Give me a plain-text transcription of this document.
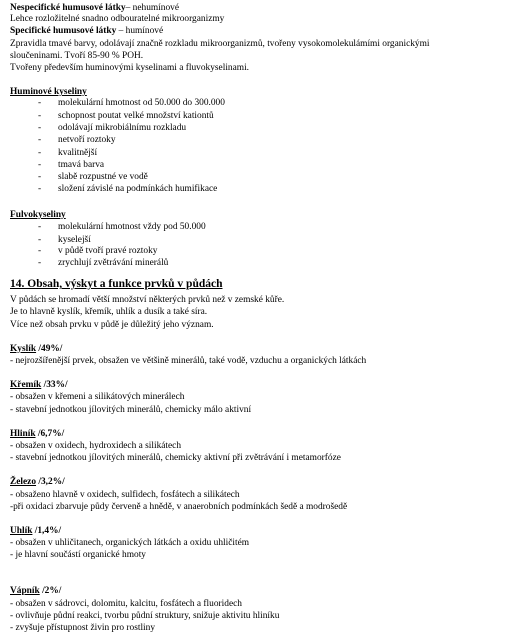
Nespecifické humusové látky– nehumínové
Lehce rozložitelné snadno odbouratelné mikroorganizmy
Specifické humusové látky – humínové
Zpravidla tmavé barvy, odolávají značně rozkladu mikroorganizmů, tvořeny vysokomolekulámími organickými
sloučeninami. Tvoří 85-90 % POH.
Tvořeny především huminovými kyselinami a fluvokyselinami.
Huminové kyseliny
- molekulární hmotnost od 50.000 do 300.000
- schopnost poutat velké množství kationtů
- odolávají mikrobiálnímu rozkladu
- netvoří roztoky
- kvalitnější
- tmavá barva
- slabě rozpustné ve vodě
- složení závislé na podmínkách humifikace
Fulvokyseliny
- molekulární hmotnost vždy pod 50.000
- kyselejší
- v půdě tvoří pravé roztoky
- zrychlují zvětrávání minerálů
14. Obsah, výskyt a funkce prvků v půdách
V půdách se hromadí větší množství některých prvků než v zemské kůře.
Je to hlavně kyslík, křemík, uhlík a dusík a také síra.
Více než obsah prvku v půdě je důležitý jeho význam.
Kyslík /49%/
- nejrozšířenější prvek, obsažen ve většině minerálů, také vodě, vzduchu a organických látkách
Křemík /33%/
- obsažen v křemeni a silikátových minerálech
- stavební jednotkou jílovitých minerálů, chemicky málo aktivní
Hliník /6,7%/
- obsažen v oxidech, hydroxidech a silikátech
- stavební jednotkou jílovitých minerálů, chemicky aktivní při zvětrávání i metamorfóze
Železo /3,2%/
- obsaženo hlavně v oxidech, sulfidech, fosfátech a silikátech
-při oxidaci zbarvuje půdy červeně a hnědě, v anaerobních podmínkách šedě a modrošedě
Uhlík /1,4%/
- obsažen v uhličitanech, organických látkách a oxidu uhličitém
- je hlavní součástí organické hmoty
Vápník /2%/
- obsažen v sádrovci, dolomitu, kalcitu, fosfátech a fluoridech
- ovlivňuje půdní reakci, tvorbu půdní struktury, snižuje aktivitu hliníku
- zvyšuje přístupnost živin pro rostliny
